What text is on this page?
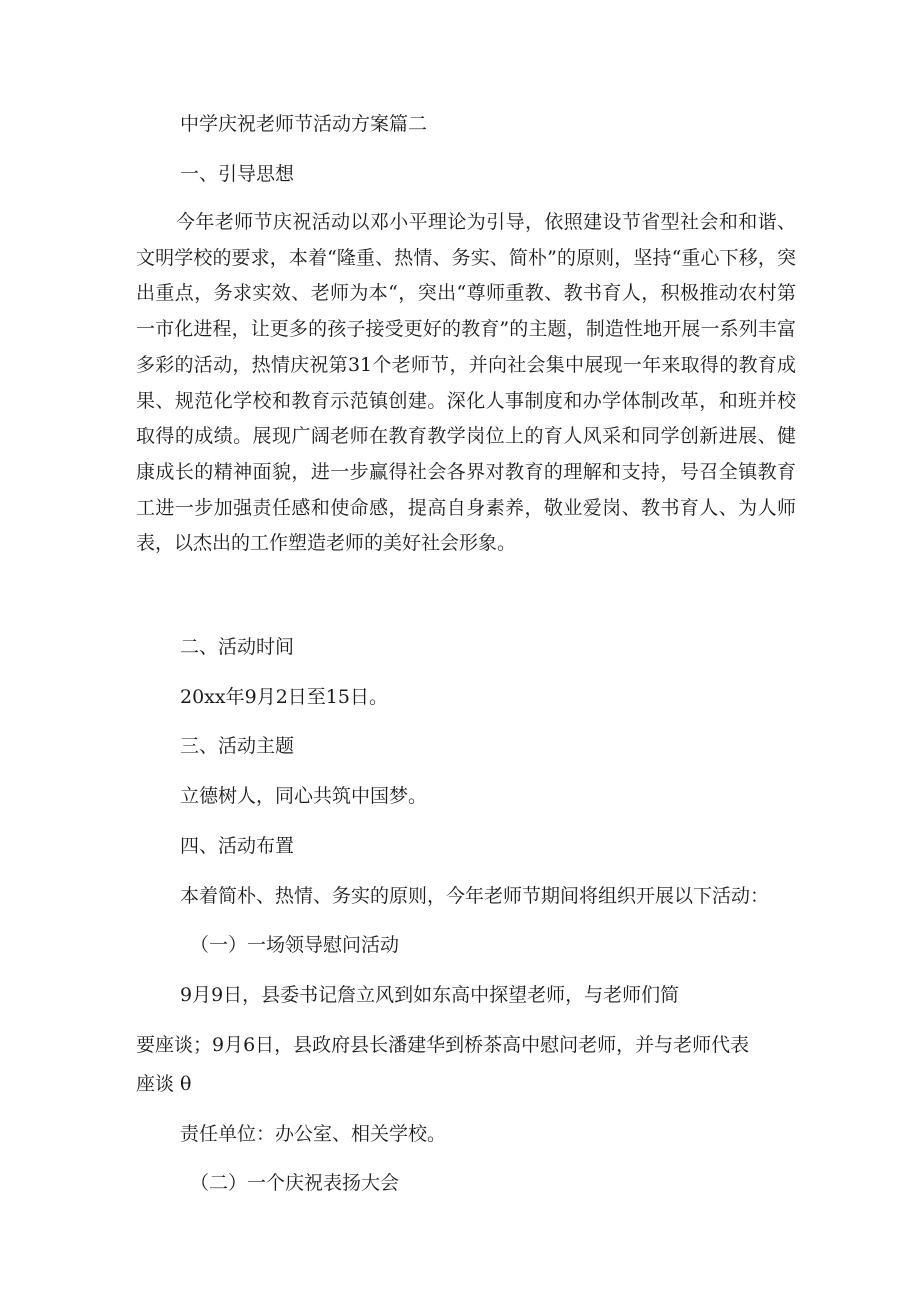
中学庆祝老师节活动方案篇二
一、引导思想
今年老师节庆祝活动以邓小平理论为引导，依照建设节省型社会和和谐、文明学校的要求，本着“隆重、热情、务实、简朴”的原则，坚持“重心下移，突出重点，务求实效、老师为本“，突出“尊师重教、教书育人，积极推动农村第一市化进程，让更多的孩子接受更好的教育”的主题，制造性地开展一系列丰富多彩的活动，热情庆祝第31个老师节，并向社会集中展现一年来取得的教育成果、规范化学校和教育示范镇创建。深化人事制度和办学体制改革，和班并校取得的成绩。展现广阔老师在教育教学岗位上的育人风采和同学创新进展、健康成长的精神面貌，进一步赢得社会各界对教育的理解和支持，号召全镇教育工进一步加强责任感和使命感，提高自身素养，敬业爱岗、教书育人、为人师表，以杰出的工作塑造老师的美好社会形象。
二、活动时间
20xx年9月2日至15日。
三、活动主题
立德树人，同心共筑中国梦。
四、活动布置
本着简朴、热情、务实的原则，今年老师节期间将组织开展以下活动：
（一）一场领导慰问活动
9月9日，县委书记詹立风到如东高中探望老师，与老师们简
要座谈；9月6日，县政府县长潘建华到桥茶高中慰问老师，并与老师代表
座谈 θ
责任单位：办公室、相关学校。
（二）一个庆祝表扬大会
